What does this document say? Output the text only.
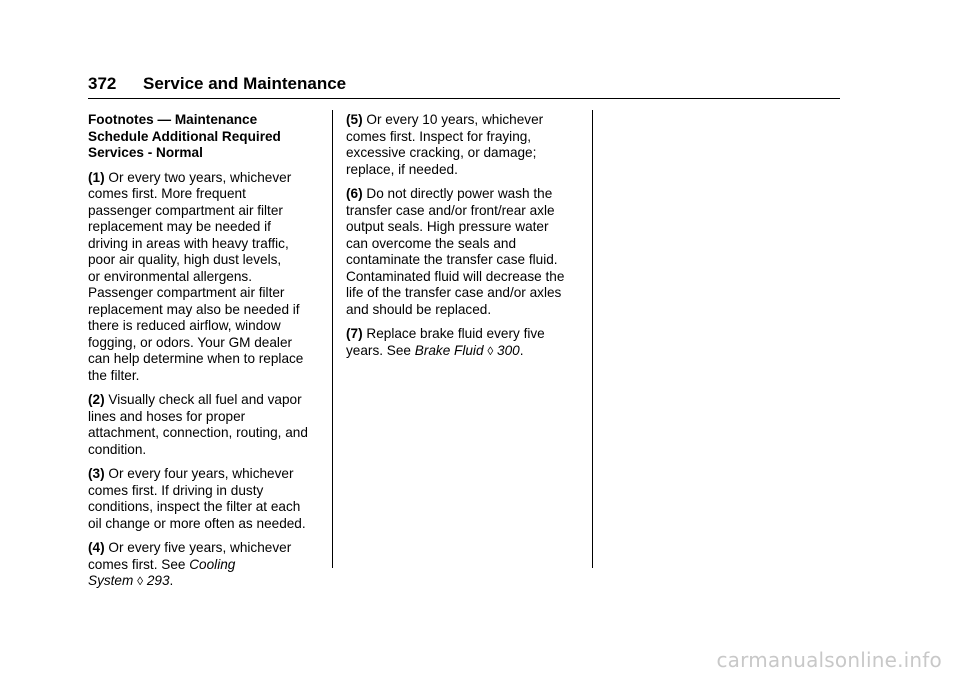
372 Service and Maintenance
Footnotes — Maintenance
Schedule Additional Required
Services - Normal
(1) Or every two years, whichever
comes first. More frequent
passenger compartment air filter
replacement may be needed if
driving in areas with heavy traffic,
poor air quality, high dust levels,
or environmental allergens.
Passenger compartment air filter
replacement may also be needed if
there is reduced airflow, window
fogging, or odors. Your GM dealer
can help determine when to replace
the filter.
(2) Visually check all fuel and vapor
lines and hoses for proper
attachment, connection, routing, and
condition.
(3) Or every four years, whichever
comes first. If driving in dusty
conditions, inspect the filter at each
oil change or more often as needed.
(4) Or every five years, whichever
comes first. See Cooling
System ◊ 293.
(5) Or every 10 years, whichever
comes first. Inspect for fraying,
excessive cracking, or damage;
replace, if needed.
(6) Do not directly power wash the
transfer case and/or front/rear axle
output seals. High pressure water
can overcome the seals and
contaminate the transfer case fluid.
Contaminated fluid will decrease the
life of the transfer case and/or axles
and should be replaced.
(7) Replace brake fluid every five
years. See Brake Fluid ◊ 300.
carmanualsonline.info
